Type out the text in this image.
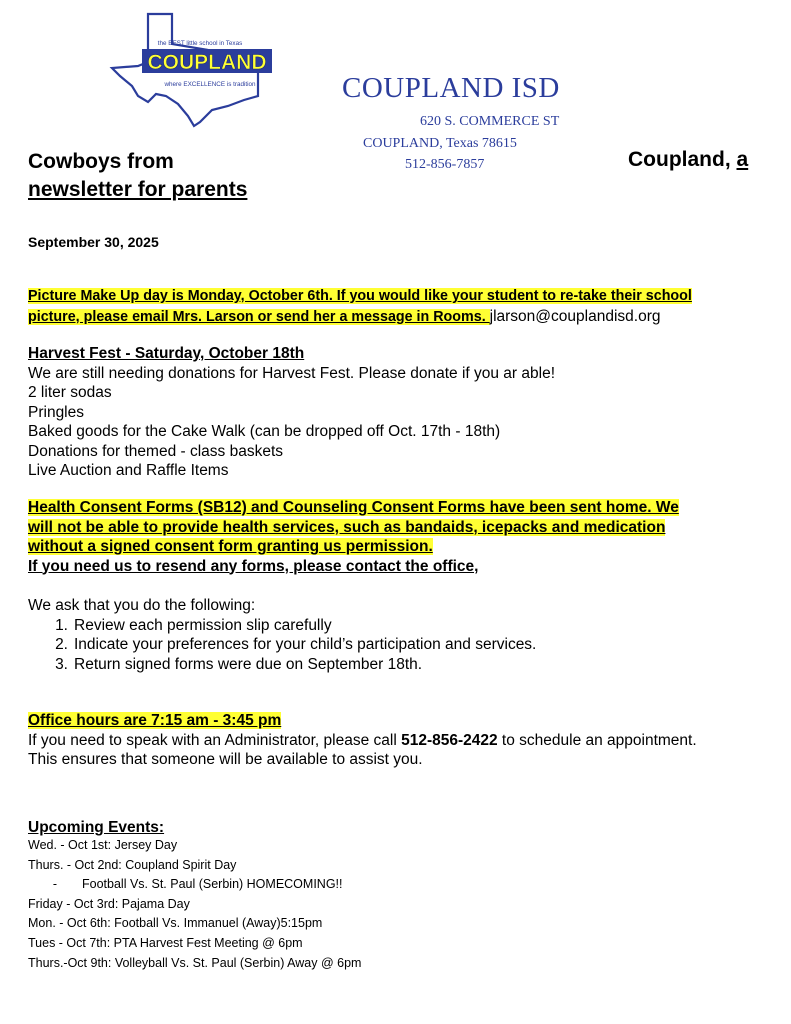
the BEST little school in Texas
COUPLAND
where EXCELLENCE is tradition	COUPLAND ISD
620 S. COMMERCE ST
COUPLAND, Texas 78615
512-856-7857
Cowboys from
newsletter for parents
Coupland, a
September 30, 2025

Picture Make Up day is Monday, October 6th. If you would like your student to re-take their school

picture, please email Mrs. Larson or send her a message in Rooms. jlarson@couplandisd.org

Harvest Fest - Saturday, October 18th

We are still needing donations for Harvest Fest. Please donate if you ar able!

2 liter sodas

Pringles

Baked goods for the Cake Walk (can be dropped off Oct. 17th - 18th)

Donations for themed - class baskets

Live Auction and Raffle Items

Health Consent Forms (SB12) and Counseling Consent Forms have been sent home. We

will not be able to provide health services, such as bandaids, icepacks and medication

without a signed consent form granting us permission.

If you need us to resend any forms, please contact the office,

We ask that you do the following:

1. Review each permission slip carefully
2. Indicate your preferences for your child’s participation and services.
3. Return signed forms were due on September 18th.

Office hours are 7:15 am - 3:45 pm

If you need to speak with an Administrator, please call 512-856-2422 to schedule an appointment.

This ensures that someone will be available to assist you.

Upcoming Events:

Wed. - Oct 1st: Jersey Day

Thurs. - Oct 2nd: Coupland Spirit Day

- Football Vs. St. Paul (Serbin) HOMECOMING!!

Friday - Oct 3rd: Pajama Day

Mon. - Oct 6th: Football Vs. Immanuel (Away)5:15pm

Tues - Oct 7th: PTA Harvest Fest Meeting @ 6pm

Thurs.-Oct 9th: Volleyball Vs. St. Paul (Serbin) Away @ 6pm
